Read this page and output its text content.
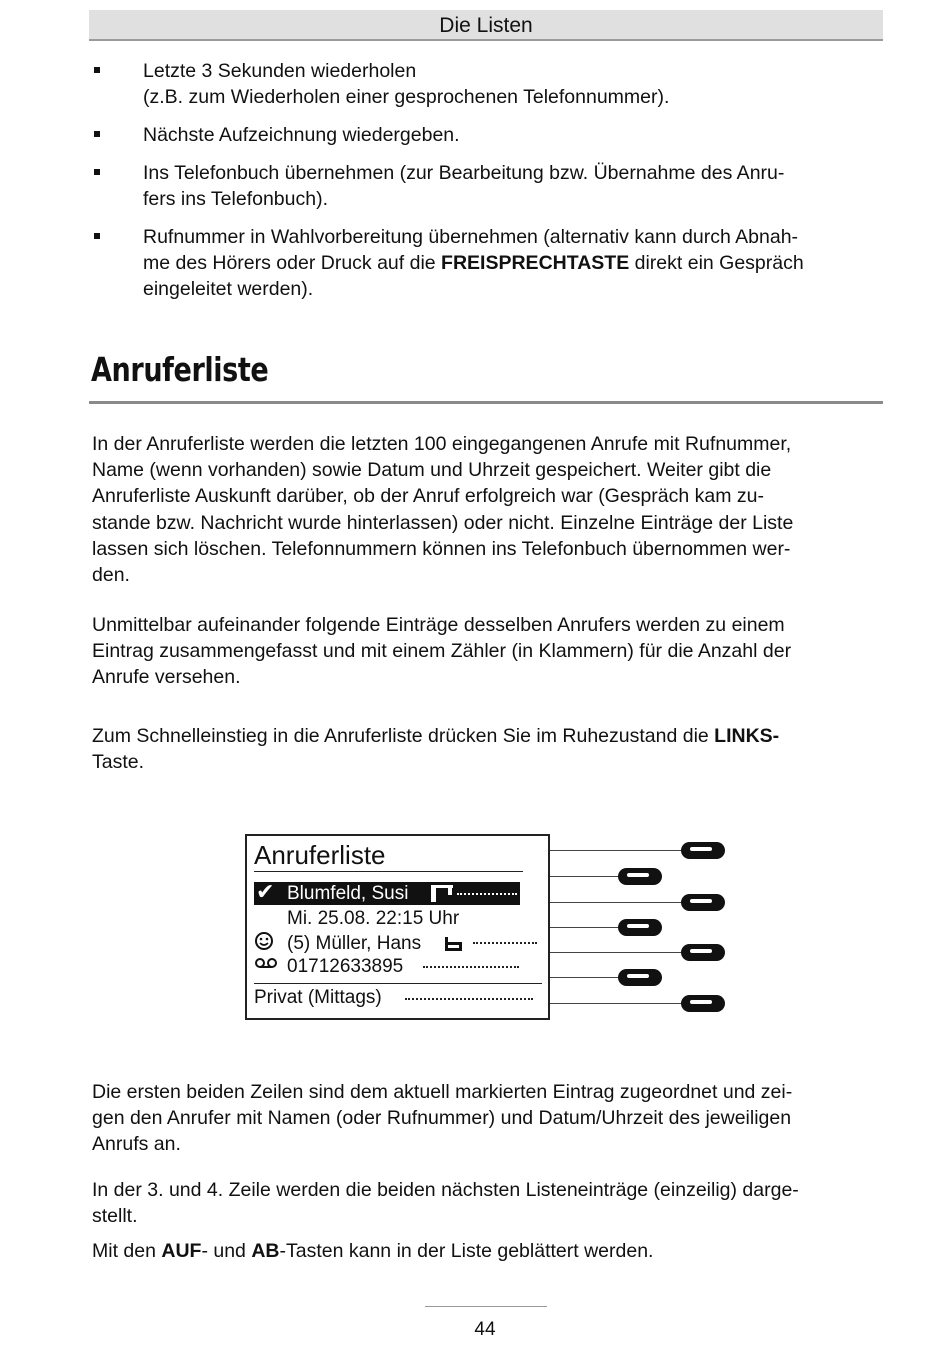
Die Listen
Letzte 3 Sekunden wiederholen
(z.B. zum Wiederholen einer gesprochenen Telefonnummer).
Nächste Aufzeichnung wiedergeben.
Ins Telefonbuch übernehmen (zur Bearbeitung bzw. Übernahme des Anru-
fers ins Telefonbuch).
Rufnummer in Wahlvorbereitung übernehmen (alternativ kann durch Abnah-
me des Hörers oder Druck auf die FREISPRECHTASTE direkt ein Gespräch
eingeleitet werden).
Anruferliste

In der Anruferliste werden die letzten 100 eingegangenen Anrufe mit Rufnummer,
Name (wenn vorhanden) sowie Datum und Uhrzeit gespeichert. Weiter gibt die
Anruferliste Auskunft darüber, ob der Anruf erfolgreich war (Gespräch kam zu-
stande bzw. Nachricht wurde hinterlassen) oder nicht. Einzelne Einträge der Liste
lassen sich löschen. Telefonnummern können ins Telefonbuch übernommen wer-
den.

Unmittelbar aufeinander folgende Einträge desselben Anrufers werden zu einem
Eintrag zusammengefasst und mit einem Zähler (in Klammern) für die Anzahl der
Anrufe versehen.

Zum Schnelleinstieg in die Anruferliste drücken Sie im Ruhezustand die LINKS-
Taste.

Anruferliste
✔ Blumfeld, Susi
Mi. 25.08. 22:15 Uhr
(5) Müller, Hans
01712633895
Privat (Mittags)

Die ersten beiden Zeilen sind dem aktuell markierten Eintrag zugeordnet und zei-
gen den Anrufer mit Namen (oder Rufnummer) und Datum/Uhrzeit des jeweiligen
Anrufs an.

In der 3. und 4. Zeile werden die beiden nächsten Listeneinträge (einzeilig) darge-
stellt.

Mit den AUF- und AB-Tasten kann in der Liste geblättert werden.

44
